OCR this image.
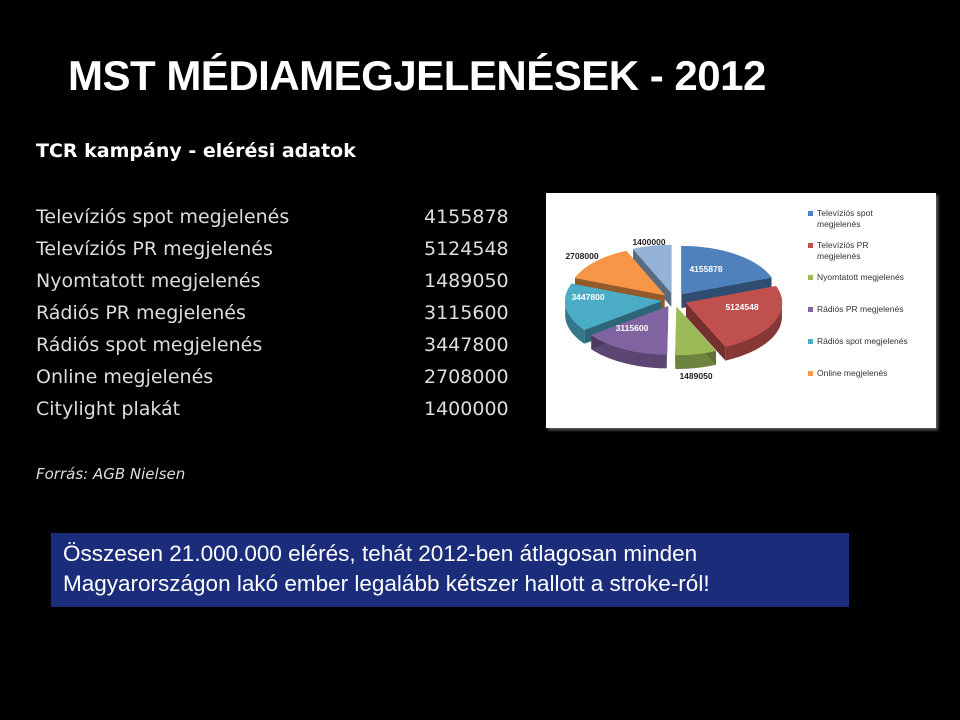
MST MÉDIAMEGJELENÉSEK - 2012
TCR kampány - elérési adatok
Televíziós spot megjelenés	4155878
Televíziós PR megjelenés	5124548
Nyomtatott megjelenés	1489050
Rádiós PR megjelenés	3115600
Rádiós spot megjelenés	3447800
Online megjelenés	2708000
Citylight plakát	1400000
Forrás: AGB Nielsen
4155878
5124548
1489050
3115600
3447800
2708000
1400000
Televíziós spot megjelenés
Televíziós PR megjelenés
Nyomtatott megjelenés
Rádiós PR megjelenés
Rádiós spot megjelenés
Online megjelenés
Összesen 21.000.000 elérés, tehát 2012-ben átlagosan minden Magyarországon lakó ember legalább kétszer hallott a stroke-ról!
